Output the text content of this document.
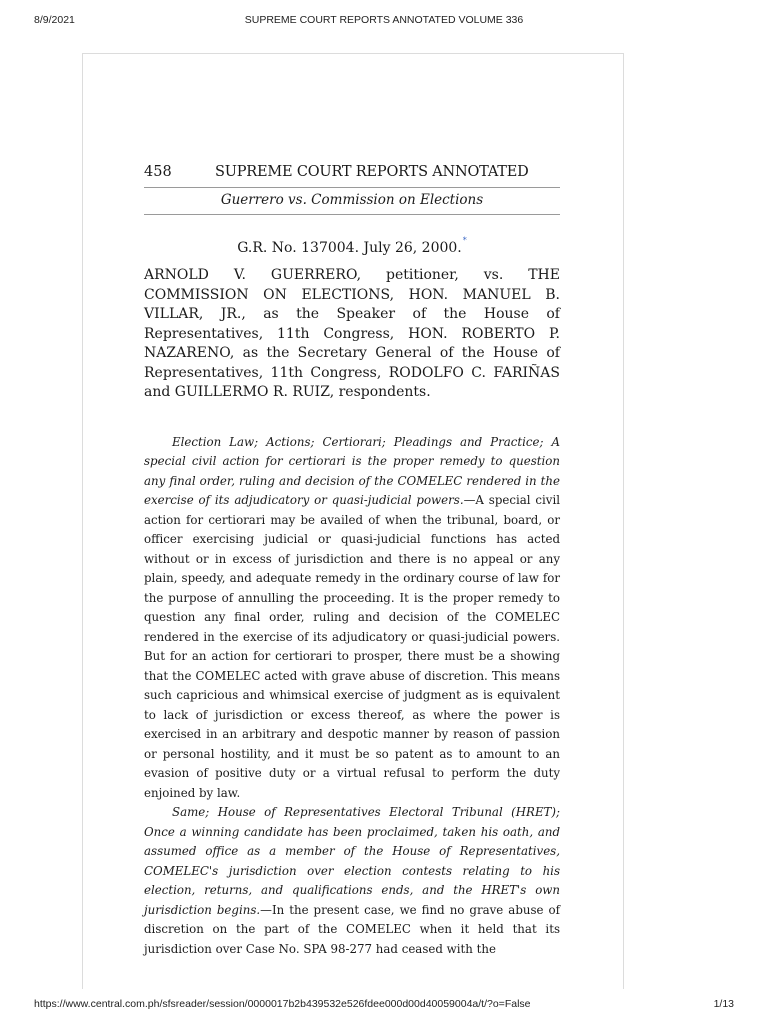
8/9/2021	SUPREME COURT REPORTS ANNOTATED VOLUME 336
458	SUPREME COURT REPORTS ANNOTATED
Guerrero vs. Commission on Elections
G.R. No. 137004. July 26, 2000.*
ARNOLD V. GUERRERO, petitioner, vs. THE COMMISSION ON ELECTIONS, HON. MANUEL B. VILLAR, JR., as the Speaker of the House of Representatives, 11th Congress, HON. ROBERTO P. NAZARENO, as the Secretary General of the House of Representatives, 11th Congress, RODOLFO C. FARIÑAS and GUILLERMO R. RUIZ, respondents.

Election Law; Actions; Certiorari; Pleadings and Practice; A special civil action for certiorari is the proper remedy to question any final order, ruling and decision of the COMELEC rendered in the exercise of its adjudicatory or quasi-judicial powers.—A special civil action for certiorari may be availed of when the tribunal, board, or officer exercising judicial or quasi-judicial functions has acted without or in excess of jurisdiction and there is no appeal or any plain, speedy, and adequate remedy in the ordinary course of law for the purpose of annulling the proceeding. It is the proper remedy to question any final order, ruling and decision of the COMELEC rendered in the exercise of its adjudicatory or quasi-judicial powers. But for an action for certiorari to prosper, there must be a showing that the COMELEC acted with grave abuse of discretion. This means such capricious and whimsical exercise of judgment as is equivalent to lack of jurisdiction or excess thereof, as where the power is exercised in an arbitrary and despotic manner by reason of passion or personal hostility, and it must be so patent as to amount to an evasion of positive duty or a virtual refusal to perform the duty enjoined by law.

Same; House of Representatives Electoral Tribunal (HRET); Once a winning candidate has been proclaimed, taken his oath, and assumed office as a member of the House of Representatives, COMELEC's jurisdiction over election contests relating to his election, returns, and qualifications ends, and the HRET's own jurisdiction begins.—In the present case, we find no grave abuse of discretion on the part of the COMELEC when it held that its jurisdiction over Case No. SPA 98-277 had ceased with the

https://www.central.com.ph/sfsreader/session/0000017b2b439532e526fdee000d00d40059004a/t/?o=False	1/13
